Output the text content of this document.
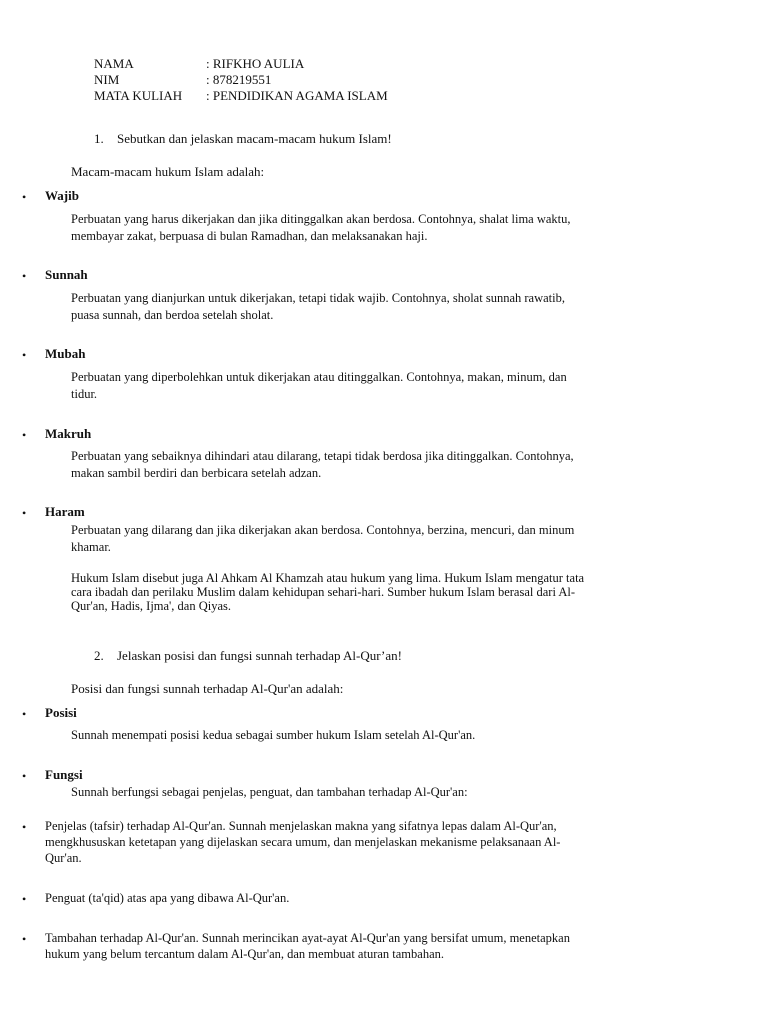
NAMA	: RIFKHO AULIA
NIM	: 878219551
MATA KULIAH : PENDIDIKAN AGAMA ISLAM
1. Sebutkan dan jelaskan macam-macam hukum Islam!
Macam-macam hukum Islam adalah:
• Wajib
Perbuatan yang harus dikerjakan dan jika ditinggalkan akan berdosa. Contohnya, shalat lima waktu,
membayar zakat, berpuasa di bulan Ramadhan, dan melaksanakan haji.
• Sunnah
Perbuatan yang dianjurkan untuk dikerjakan, tetapi tidak wajib. Contohnya, sholat sunnah rawatib,
puasa sunnah, dan berdoa setelah sholat.
• Mubah
Perbuatan yang diperbolehkan untuk dikerjakan atau ditinggalkan. Contohnya, makan, minum, dan
tidur.
• Makruh
Perbuatan yang sebaiknya dihindari atau dilarang, tetapi tidak berdosa jika ditinggalkan. Contohnya,
makan sambil berdiri dan berbicara setelah adzan.
• Haram
Perbuatan yang dilarang dan jika dikerjakan akan berdosa. Contohnya, berzina, mencuri, dan minum
khamar.
Hukum Islam disebut juga Al Ahkam Al Khamzah atau hukum yang lima. Hukum Islam mengatur tata
cara ibadah dan perilaku Muslim dalam kehidupan sehari-hari. Sumber hukum Islam berasal dari Al-
Qur'an, Hadis, Ijma', dan Qiyas.
2. Jelaskan posisi dan fungsi sunnah terhadap Al-Qur’an!
Posisi dan fungsi sunnah terhadap Al-Qur'an adalah:
• Posisi
Sunnah menempati posisi kedua sebagai sumber hukum Islam setelah Al-Qur'an.
• Fungsi
Sunnah berfungsi sebagai penjelas, penguat, dan tambahan terhadap Al-Qur'an:
• Penjelas (tafsir) terhadap Al-Qur'an. Sunnah menjelaskan makna yang sifatnya lepas dalam Al-Qur'an,
mengkhususkan ketetapan yang dijelaskan secara umum, dan menjelaskan mekanisme pelaksanaan Al-
Qur'an.
• Penguat (ta'qid) atas apa yang dibawa Al-Qur'an.
• Tambahan terhadap Al-Qur'an. Sunnah merincikan ayat-ayat Al-Qur'an yang bersifat umum, menetapkan
hukum yang belum tercantum dalam Al-Qur'an, dan membuat aturan tambahan.
